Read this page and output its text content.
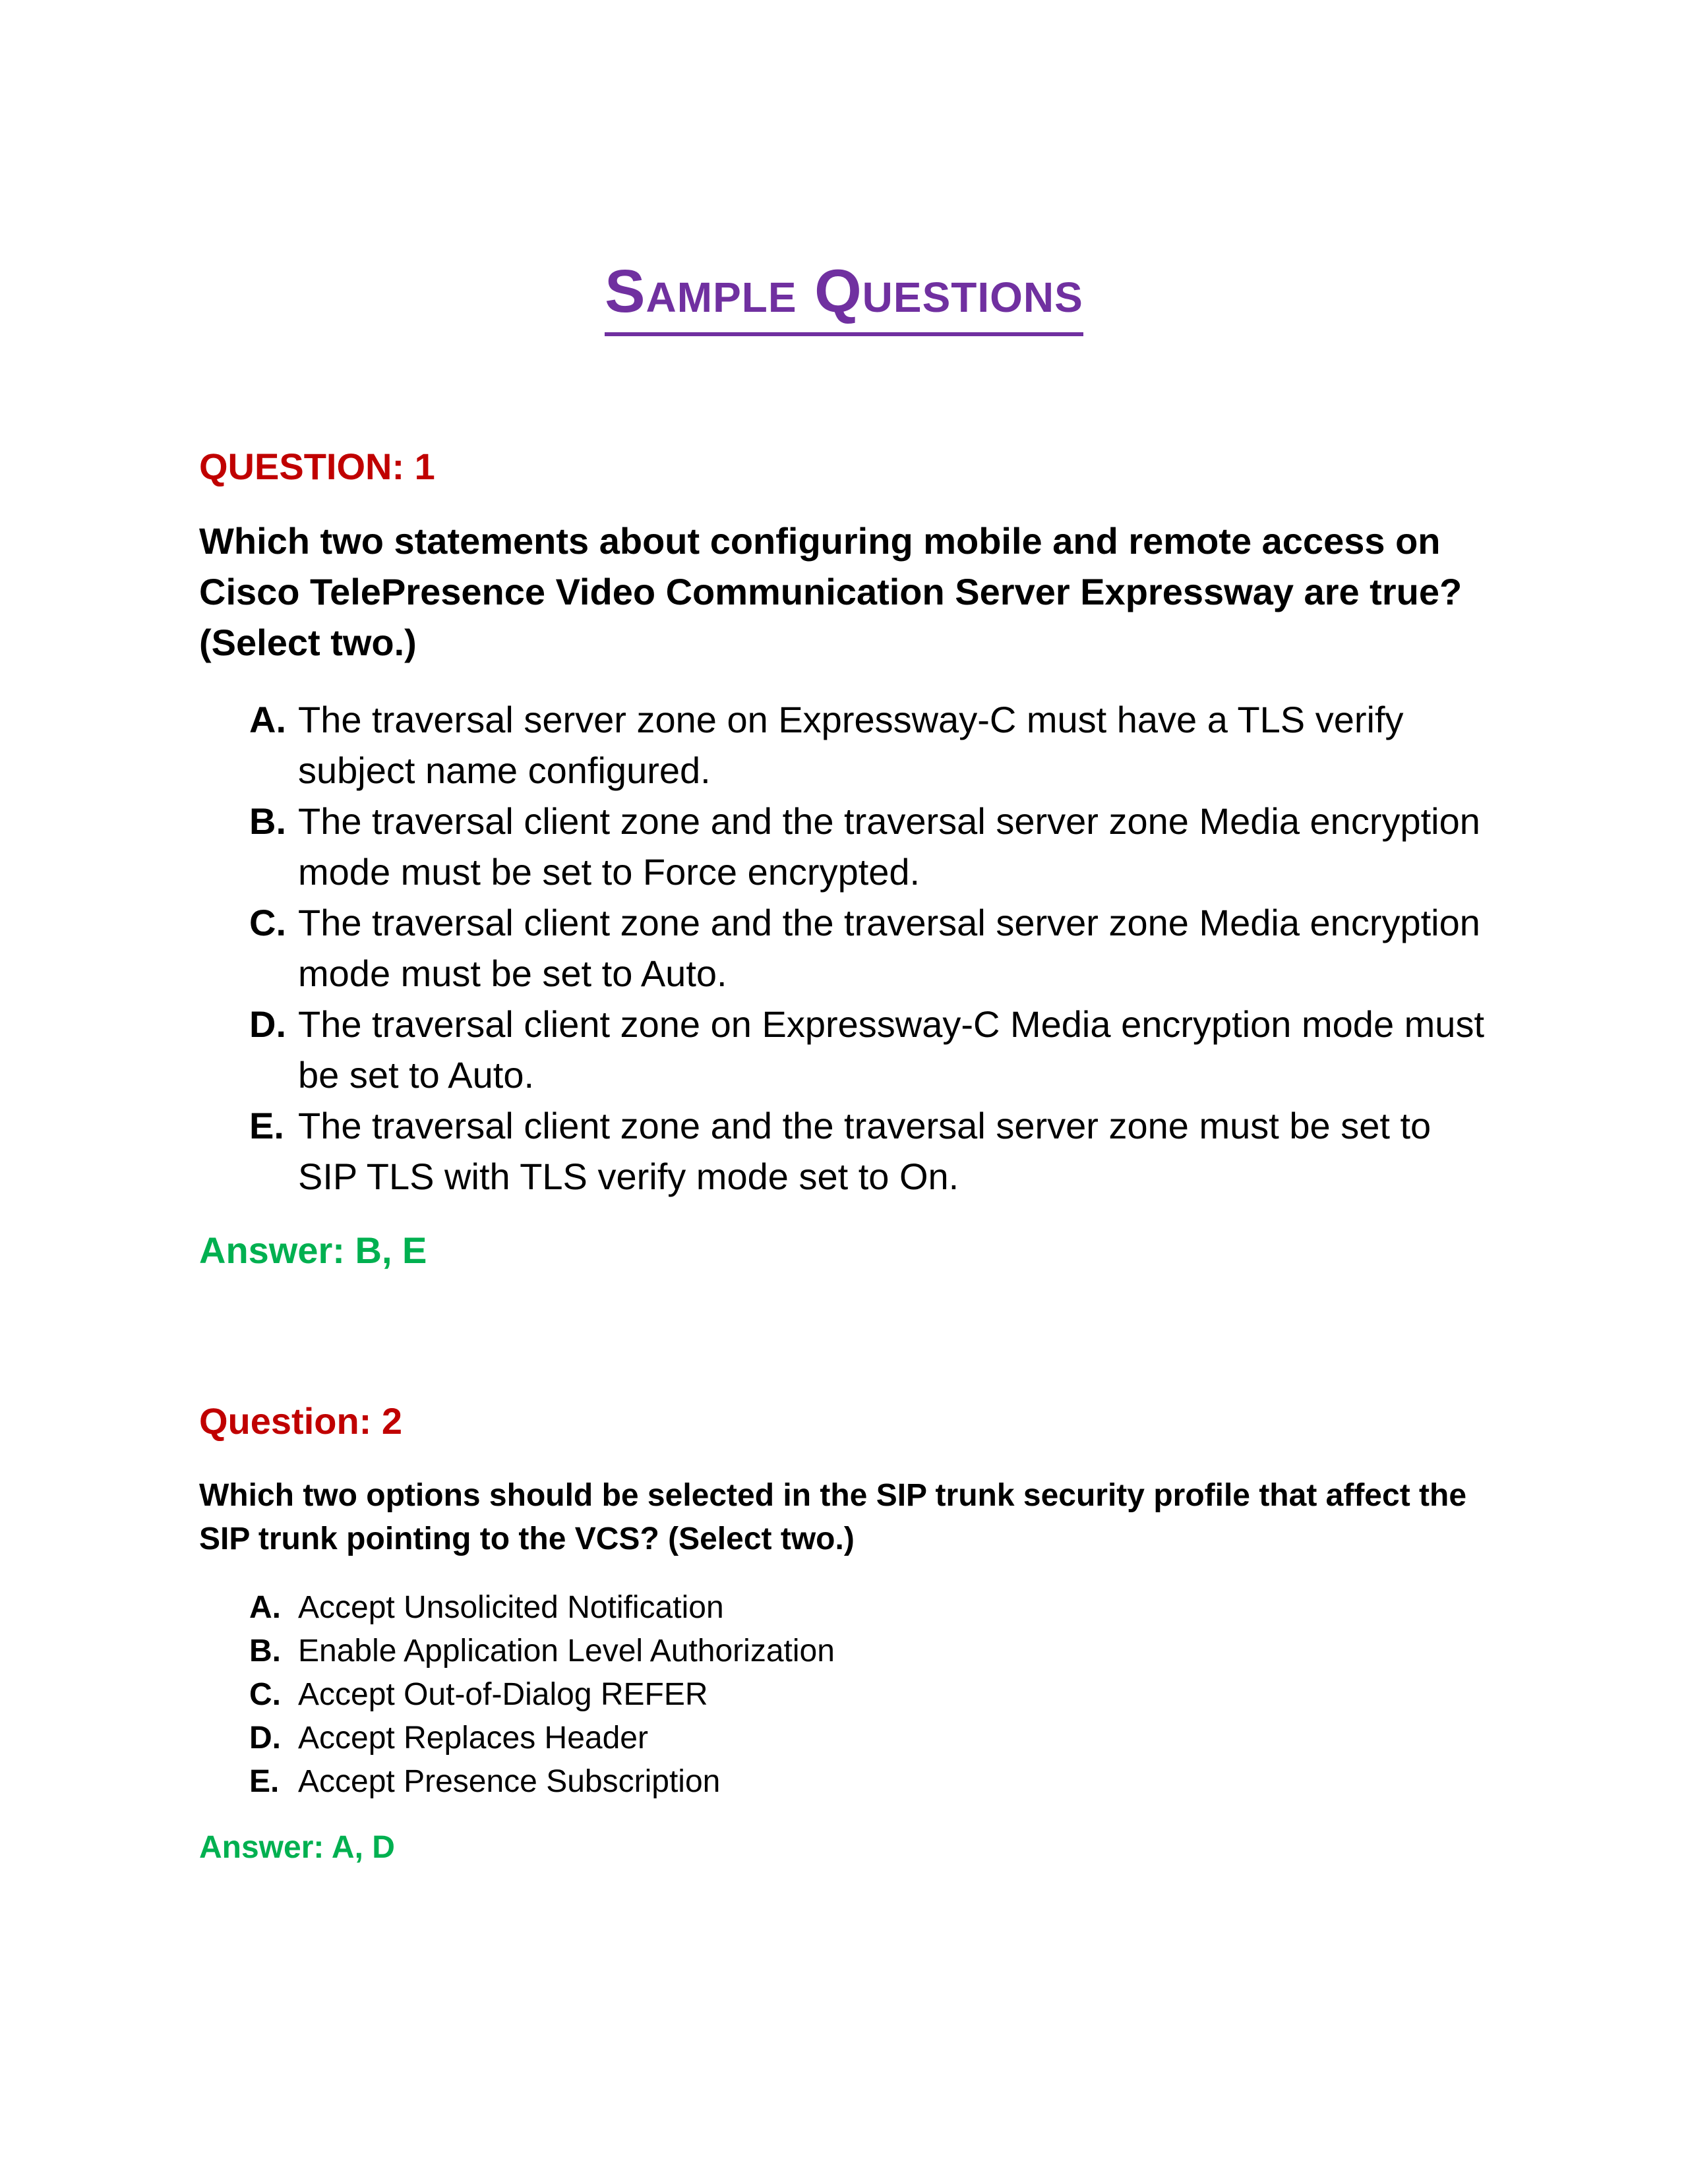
Sample Questions

QUESTION: 1

Which two statements about configuring mobile and remote access on Cisco TelePresence Video Communication Server Expressway are true? (Select two.)

A. The traversal server zone on Expressway-C must have a TLS verify subject name configured.
B. The traversal client zone and the traversal server zone Media encryption mode must be set to Force encrypted.
C. The traversal client zone and the traversal server zone Media encryption mode must be set to Auto.
D. The traversal client zone on Expressway-C Media encryption mode must be set to Auto.
E. The traversal client zone and the traversal server zone must be set to SIP TLS with TLS verify mode set to On.

Answer: B, E

Question: 2

Which two options should be selected in the SIP trunk security profile that affect the SIP trunk pointing to the VCS? (Select two.)

A. Accept Unsolicited Notification
B. Enable Application Level Authorization
C. Accept Out-of-Dialog REFER
D. Accept Replaces Header
E. Accept Presence Subscription

Answer: A, D
